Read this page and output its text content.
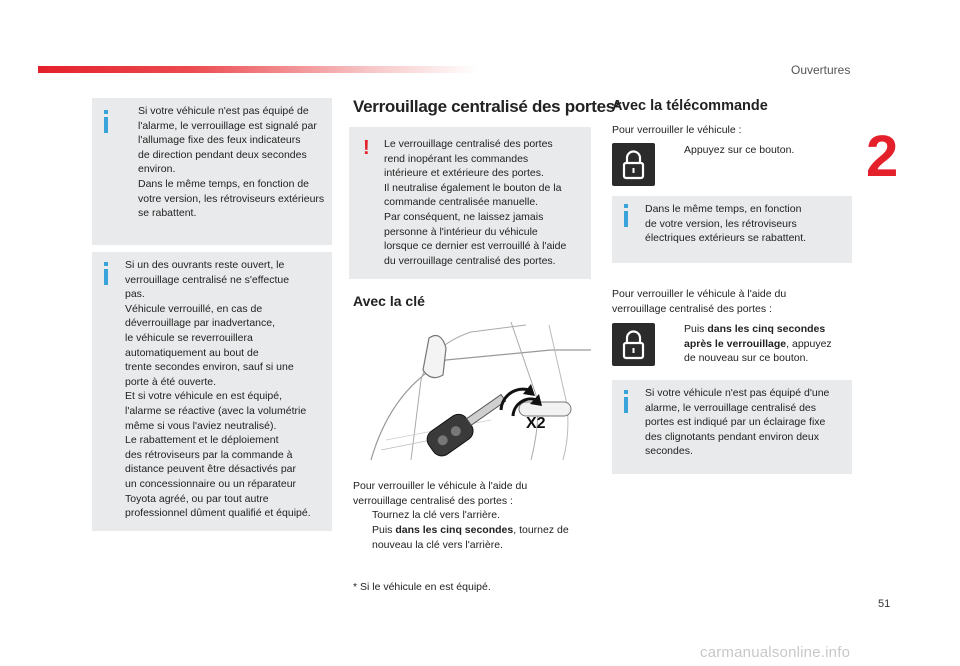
Ouvertures
2
51
Si votre véhicule n'est pas équipé de
l'alarme, le verrouillage est signalé par
l'allumage fixe des feux indicateurs
de direction pendant deux secondes
environ.
Dans le même temps, en fonction de
votre version, les rétroviseurs extérieurs
se rabattent.
Si un des ouvrants reste ouvert, le
verrouillage centralisé ne s'effectue
pas.
Véhicule verrouillé, en cas de
déverrouillage par inadvertance,
le véhicule se reverrouillera
automatiquement au bout de
trente secondes environ, sauf si une
porte à été ouverte.
Et si votre véhicule en est équipé,
l'alarme se réactive (avec la volumétrie
même si vous l'aviez neutralisé).
Le rabattement et le déploiement
des rétroviseurs par la commande à
distance peuvent être désactivés par
un concessionnaire ou un réparateur
Toyota agréé, ou par tout autre
professionnel dûment qualifié et équipé.
Verrouillage centralisé des portes*
! Le verrouillage centralisé des portes
rend inopérant les commandes
intérieure et extérieure des portes.
Il neutralise également le bouton de la
commande centralisée manuelle.
Par conséquent, ne laissez jamais
personne à l'intérieur du véhicule
lorsque ce dernier est verrouillé à l'aide
du verrouillage centralisé des portes.
Avec la clé
X2
Pour verrouiller le véhicule à l'aide du
verrouillage centralisé des portes :
Tournez la clé vers l'arrière.
Puis dans les cinq secondes, tournez de
nouveau la clé vers l'arrière.
* Si le véhicule en est équipé.
Avec la télécommande
Pour verrouiller le véhicule :
Appuyez sur ce bouton.
Dans le même temps, en fonction
de votre version, les rétroviseurs
électriques extérieurs se rabattent.
Pour verrouiller le véhicule à l'aide du
verrouillage centralisé des portes :
Puis dans les cinq secondes
après le verrouillage, appuyez
de nouveau sur ce bouton.
Si votre véhicule n'est pas équipé d'une
alarme, le verrouillage centralisé des
portes est indiqué par un éclairage fixe
des clignotants pendant environ deux
secondes.
carmanualsonline.info
